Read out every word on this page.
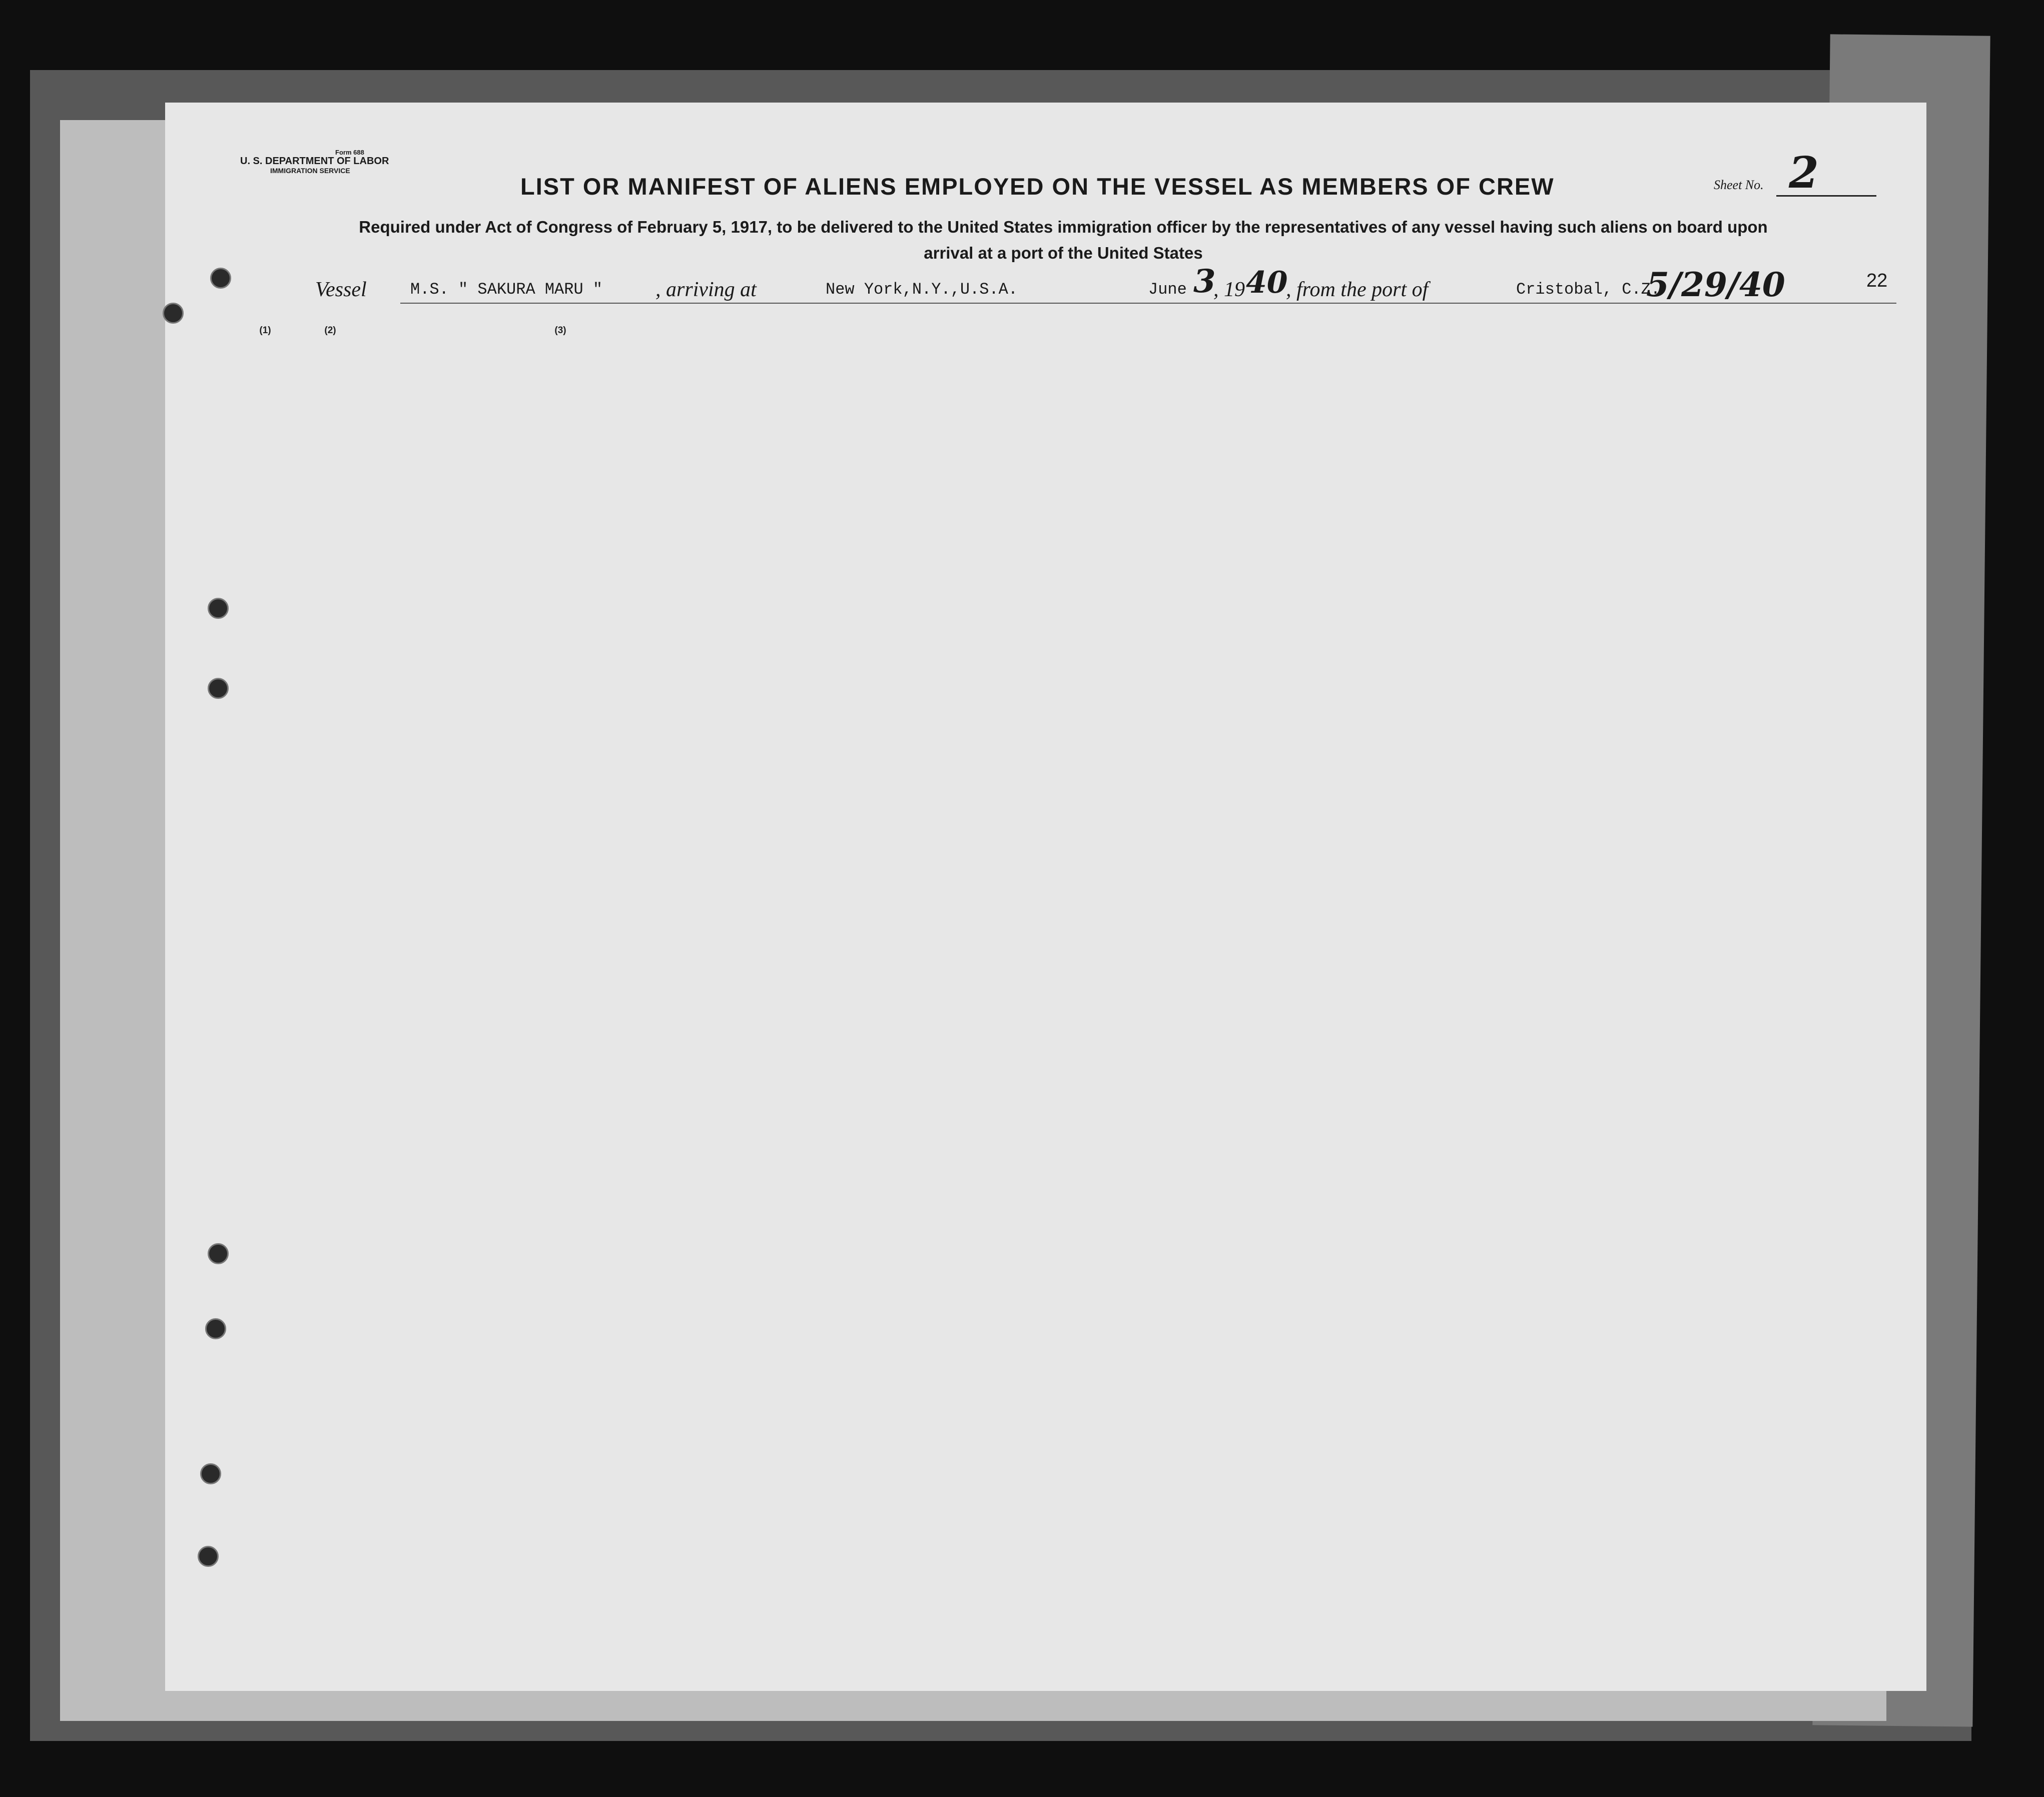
Form 688
U. S. DEPARTMENT OF LABOR
IMMIGRATION SERVICE
LIST OR MANIFEST OF ALIENS EMPLOYED ON THE VESSEL AS MEMBERS OF CREW	Sheet No. 2
Required under Act of Congress of February 5, 1917, to be delivered to the United States immigration officer by the representatives of any vessel having such aliens on board upon
arrival at a port of the United States
Vessel	M.S. " SAKURA MARU "	, arriving at	New York,N.Y.,U.S.A.	June 3
, 19 40
, from the port of	Cristobal, C.Z.
5/29/40	22
(1)	(2)	(3)
